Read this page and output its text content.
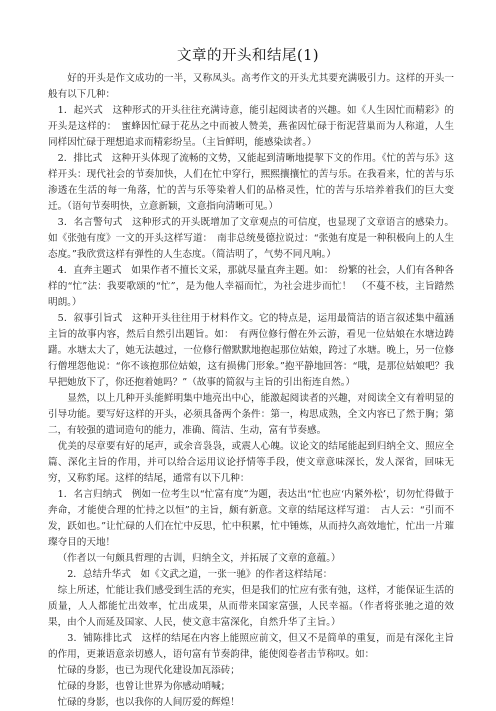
文章的开头和结尾(1)

好的开头是作文成功的一半，又称凤头。高考作文的开头尤其要充满吸引力。这样的开头一般有以下几种：

1．起兴式　这种形式的开头往往充满诗意，能引起阅读者的兴趣。如《人生因忙而精彩》的开头是这样的：　蜜蜂因忙碌于花丛之中而被人赞美，燕雀因忙碌于衔泥营巢而为人称道，人生同样因忙碌于理想追求而精彩纷呈。（主旨鲜明，能感染读者。）

2．排比式　这种开头体现了流畅的文势，又能起到清晰地提挈下文的作用。《忙的苦与乐》这样开头：现代社会的节奏加快，人们在忙中穿行，熙熙攘攘忙的苦与乐。在我看来，忙的苦与乐渗透在生活的每一角落，忙的苦与乐等染着人们的品格灵性，忙的苦与乐培养着我们的巨大变迁。（语句节奏明快，立意新颖，文意指向清晰可见。）

3．名言警句式　这种形式的开头既增加了文章观点的可信度，也显现了文章语言的感染力。如《张弛有度》一文的开头这样写道：　南非总统曼德拉说过：“张弛有度是一种积极向上的人生态度。”我欣赏这样有弹性的人生态度。（简洁明了，气势不同凡响。）

4．直奔主题式　如果作者不擅长文采，那就尽量直奔主题。如：　纷繁的社会，人们有各种各样的“忙”法：我要歌颂的“忙”，是为他人幸福而忙，为社会进步而忙！　（不蔓不枝，主旨踏然明朗。）

5．叙事引旨式　这种开头往往用于材料作文。它的特点是，运用最简洁的语言叙述集中蕴涵主旨的故事内容，然后自然引出题旨。如：　有两位修行僧在外云游，看见一位姑娘在水塘边踌躇。水塘太大了，她无法越过，一位修行僧默默地抱起那位姑娘，跨过了水塘。晚上，另一位修行僧埋怨他说：“你不该抱那位姑娘，这有损佛门形象。”抱平静地回答：“哦，是那位姑娘吧？我早把她放下了，你还抱着她吗？”（故事的简叙与主旨的引出衔连自然。）

显然，以上几种开头能鲜明集中地亮出中心，能激起阅读者的兴趣，对阅读全文有着明显的引导功能。要写好这样的开头，必须具备两个条件：第一，构思成熟，全文内容已了然于胸；第二，有较强的遣词造句的能力，准确、简洁、生动，富有节奏感。

优美的尽章要有好的尾声，或余音袅袅，或震人心魄。议论文的结尾能起到归纳全文、照应全篇、深化主旨的作用，并可以给合运用议论抒情等手段，使文章意味深长，发人深省，回味无穷，又称豹尾。这样的结尾，通常有以下几种：

1．名言归纳式　例如一位考生以“忙富有度”为题，表达出“忙也应‘内紧外松’，切勿忙得做于奔命，才能使合理的忙持之以恒”的主旨，颇有新意。文章的结尾这样写道：　古人云：“引而不发，跃如也。”让忙碌的人们在忙中反思，忙中积累，忙中锤炼，从而持久高效地忙，忙出一片璀璨夺目的天地！

（作者以一句颇具哲理的古训，归纳全文，并拓展了文章的意蕴。）

2．总结升华式　如《文武之道，一张一驰》的作者这样结尾：

综上所述，忙能让我们感受到生活的充实，但是我们的忙应有张有弛，这样，才能保证生活的质量，人人都能忙出效率，忙出成果，从而带来国家富强，人民幸福。（作者将张驰之道的效果，由个人而延及国家、人民，使文意丰富深化，自然升华了主旨。）

3．铺陈排比式　这样的结尾在内容上能照应前文，但又不是简单的重复，而是有深化主旨的作用，更兼语意亲切感人，语句富有节奏韵律，能使阅卷者击节称叹。如：

忙碌的身影，也已为现代化建设加瓦添砖；

忙碌的身影，也曾让世界为你感动哨喊；

忙碌的身影，也以我你的人间厉爱的辉煌！
